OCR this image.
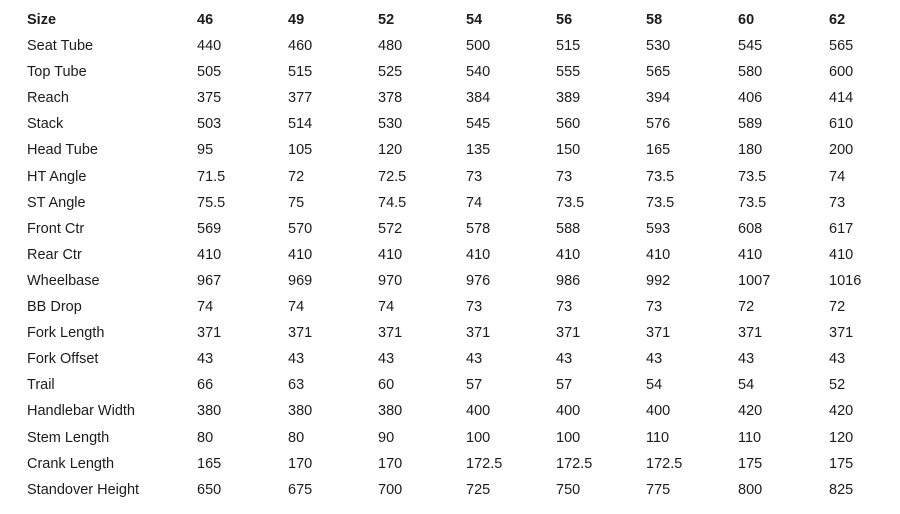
Size	46	49	52	54	56	58	60	62
Seat Tube	440	460	480	500	515	530	545	565
Top Tube	505	515	525	540	555	565	580	600
Reach	375	377	378	384	389	394	406	414
Stack	503	514	530	545	560	576	589	610
Head Tube	95	105	120	135	150	165	180	200
HT Angle	71.5	72	72.5	73	73	73.5	73.5	74
ST Angle	75.5	75	74.5	74	73.5	73.5	73.5	73
Front Ctr	569	570	572	578	588	593	608	617
Rear Ctr	410	410	410	410	410	410	410	410
Wheelbase	967	969	970	976	986	992	1007	1016
BB Drop	74	74	74	73	73	73	72	72
Fork Length	371	371	371	371	371	371	371	371
Fork Offset	43	43	43	43	43	43	43	43
Trail	66	63	60	57	57	54	54	52
Handlebar Width	380	380	380	400	400	400	420	420
Stem Length	80	80	90	100	100	110	110	120
Crank Length	165	170	170	172.5	172.5	172.5	175	175
Standover Height	650	675	700	725	750	775	800	825
